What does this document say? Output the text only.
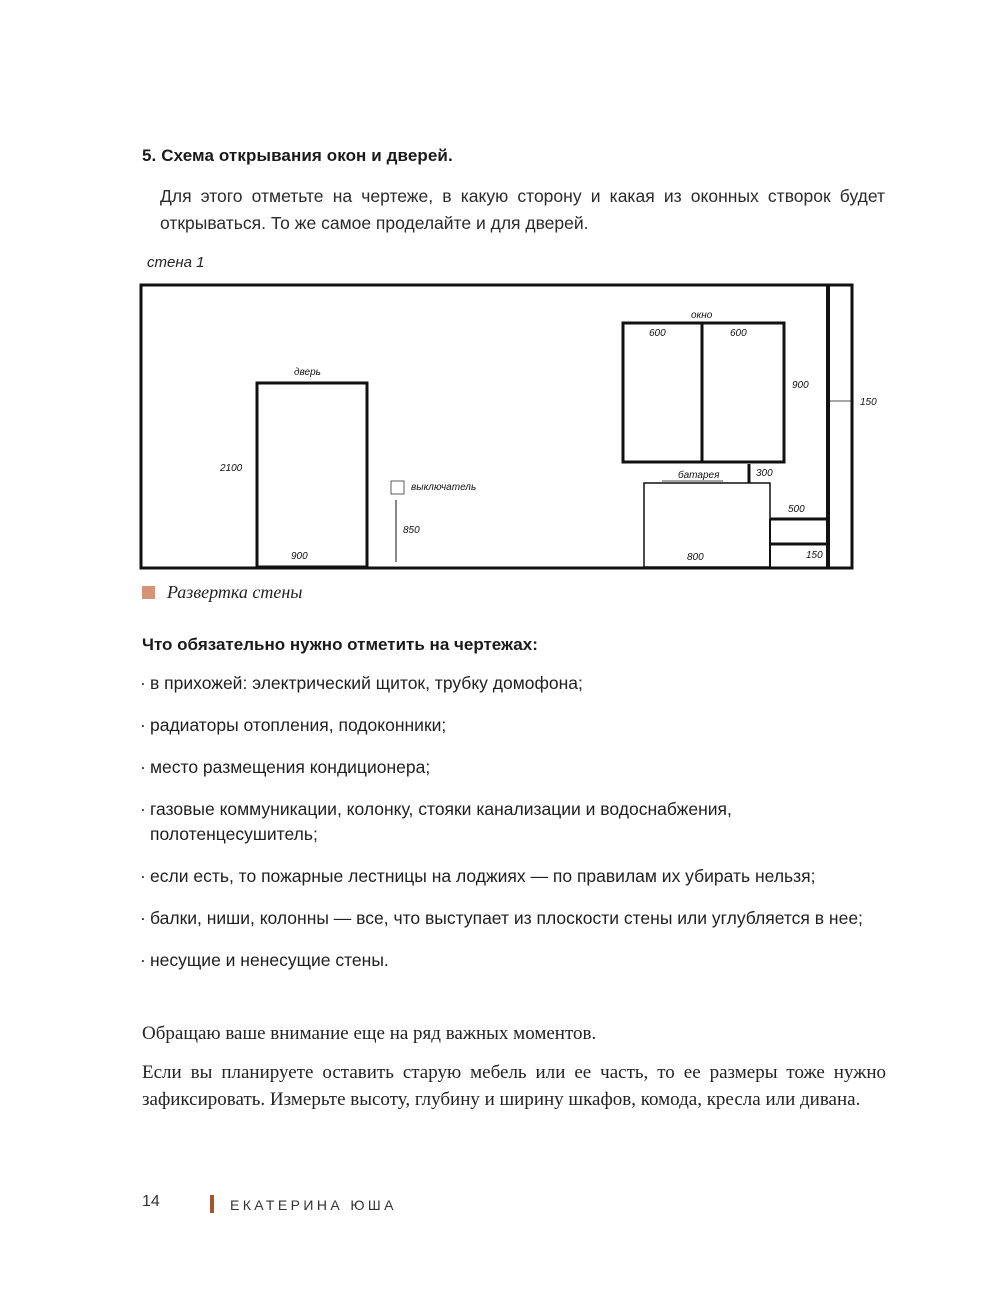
5. Схема открывания окон и дверей.
Для этого отметьте на чертеже, в какую сторону и какая из оконных створок будет открываться. То же самое проделайте и для дверей.
стена 1
150
дверь
2100
900
выключатель
850
окно
600	600
900
батарея	300
800
500
150
Развертка стены
Что обязательно нужно отметить на чертежах:
· в прихожей: электрический щиток, трубку домофона;
· радиаторы отопления, подоконники;
· место размещения кондиционера;
· газовые коммуникации, колонку, стояки канализации и водоснабжения, полотенцесушитель;
· если есть, то пожарные лестницы на лоджиях — по правилам их убирать нельзя;
· балки, ниши, колонны — все, что выступает из плоскости стены или углубляется в нее;
· несущие и ненесущие стены.
Обращаю ваше внимание еще на ряд важных моментов.
Если вы планируете оставить старую мебель или ее часть, то ее размеры тоже нужно зафиксировать. Измерьте высоту, глубину и ширину шкафов, комода, кресла или дивана.
14	ЕКАТЕРИНА ЮША
